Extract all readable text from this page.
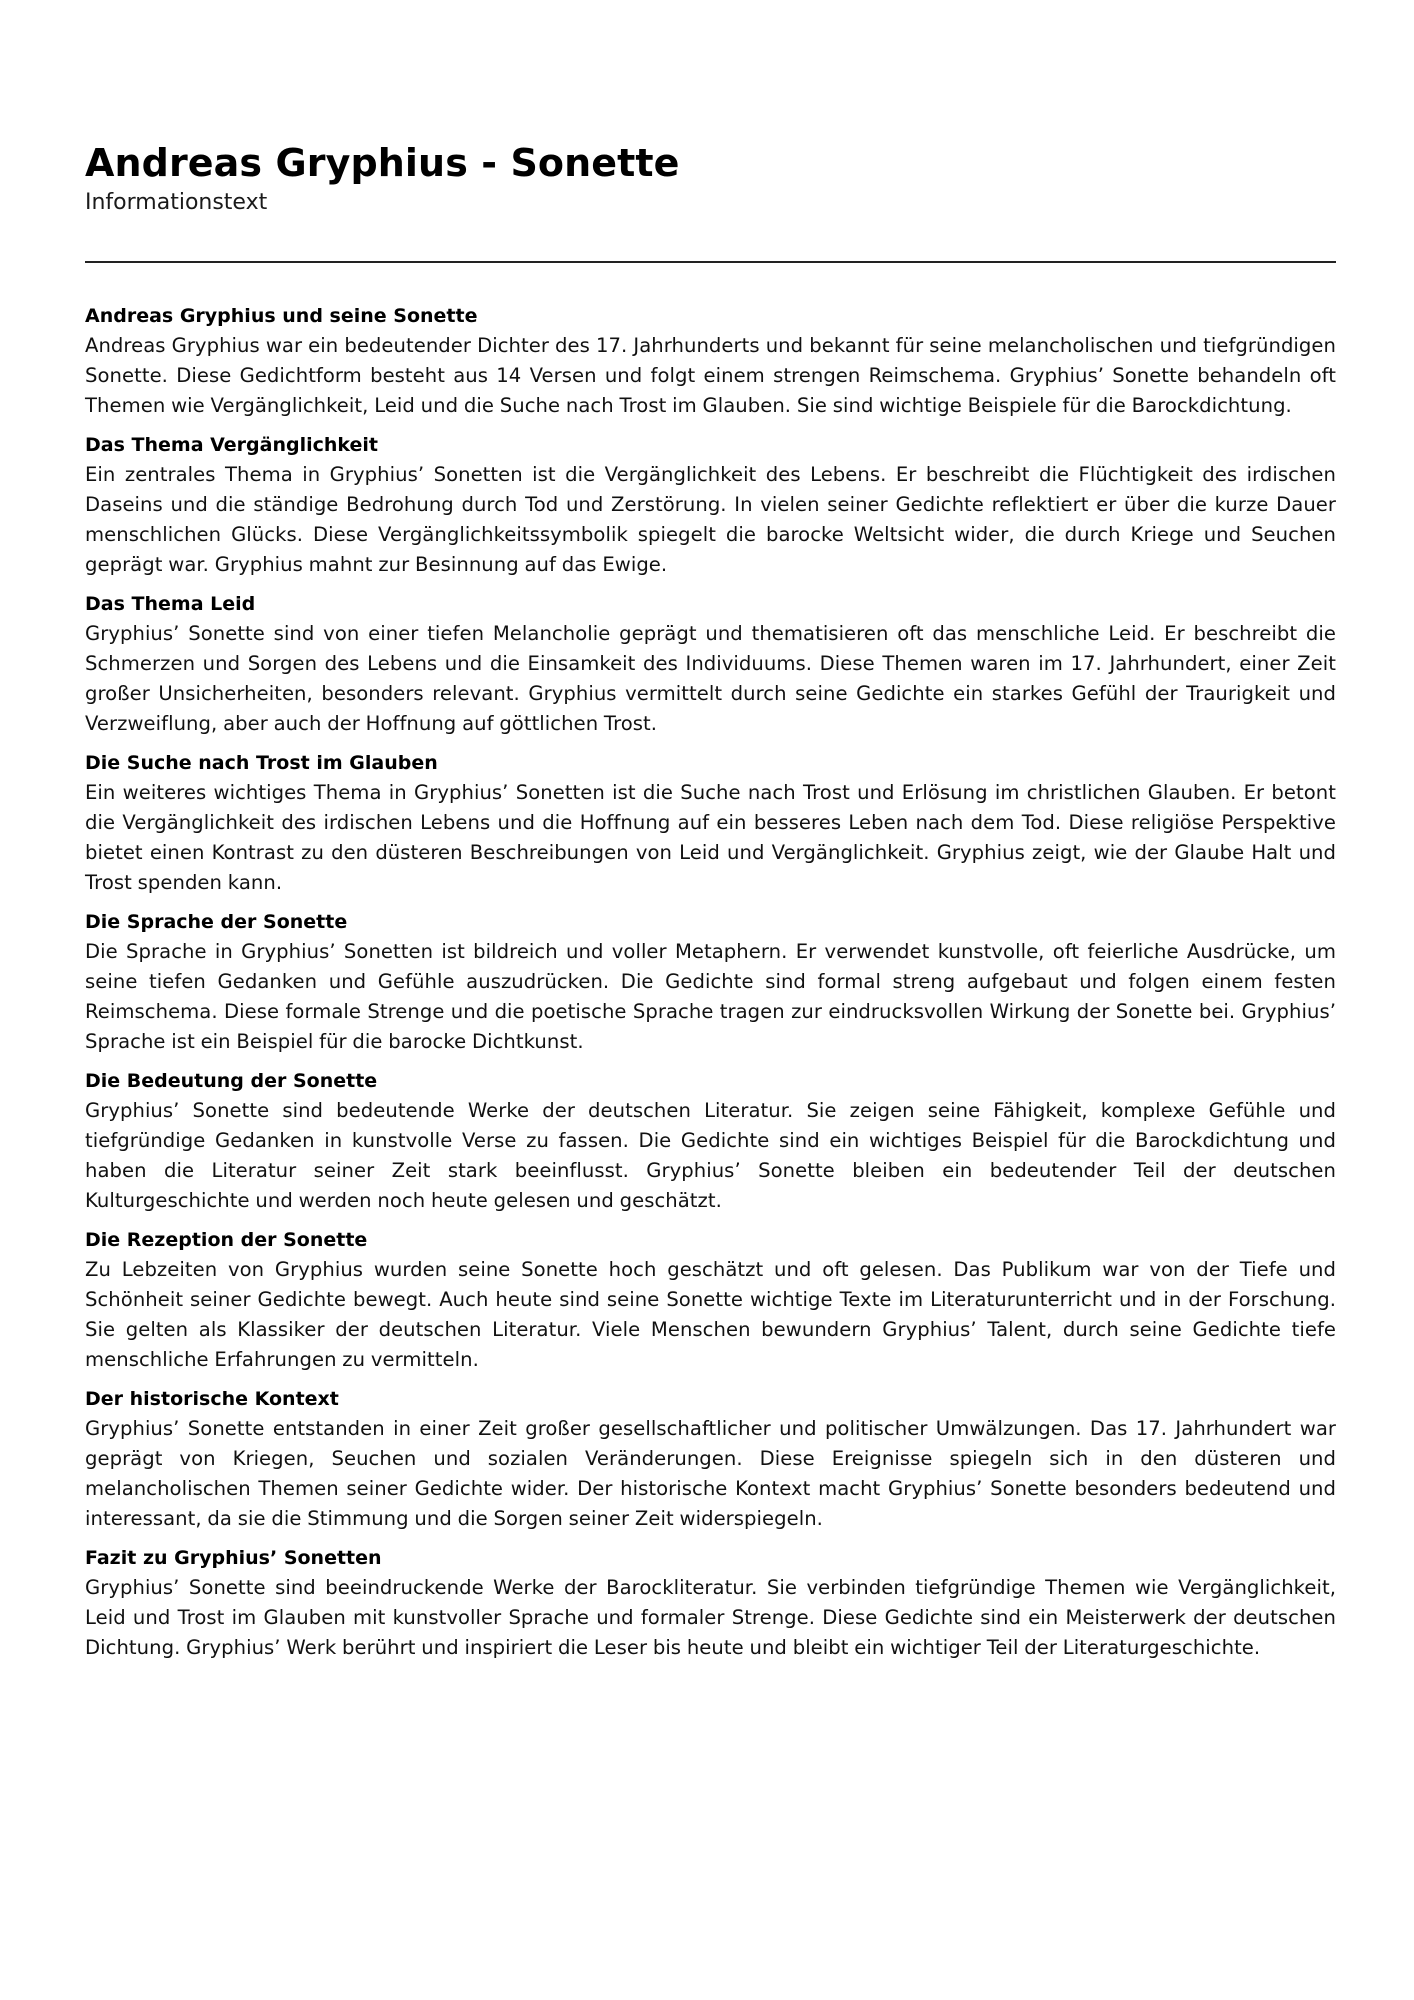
Andreas Gryphius - Sonette

Informationstext

Andreas Gryphius und seine Sonette

Andreas Gryphius war ein bedeutender Dichter des 17. Jahrhunderts und bekannt für seine melancholischen und tiefgründigen Sonette. Diese Gedichtform besteht aus 14 Versen und folgt einem strengen Reimschema. Gryphius’ Sonette behandeln oft Themen wie Vergänglichkeit, Leid und die Suche nach Trost im Glauben. Sie sind wichtige Beispiele für die Barockdichtung.

Das Thema Vergänglichkeit

Ein zentrales Thema in Gryphius’ Sonetten ist die Vergänglichkeit des Lebens. Er beschreibt die Flüchtigkeit des irdischen Daseins und die ständige Bedrohung durch Tod und Zerstörung. In vielen seiner Gedichte reflektiert er über die kurze Dauer menschlichen Glücks. Diese Vergänglichkeitssymbolik spiegelt die barocke Weltsicht wider, die durch Kriege und Seuchen geprägt war. Gryphius mahnt zur Besinnung auf das Ewige.

Das Thema Leid

Gryphius’ Sonette sind von einer tiefen Melancholie geprägt und thematisieren oft das menschliche Leid. Er beschreibt die Schmerzen und Sorgen des Lebens und die Einsamkeit des Individuums. Diese Themen waren im 17. Jahrhundert, einer Zeit großer Unsicherheiten, besonders relevant. Gryphius vermittelt durch seine Gedichte ein starkes Gefühl der Traurigkeit und Verzweiflung, aber auch der Hoffnung auf göttlichen Trost.

Die Suche nach Trost im Glauben

Ein weiteres wichtiges Thema in Gryphius’ Sonetten ist die Suche nach Trost und Erlösung im christlichen Glauben. Er betont die Vergänglichkeit des irdischen Lebens und die Hoffnung auf ein besseres Leben nach dem Tod. Diese religiöse Perspektive bietet einen Kontrast zu den düsteren Beschreibungen von Leid und Vergänglichkeit. Gryphius zeigt, wie der Glaube Halt und Trost spenden kann.

Die Sprache der Sonette

Die Sprache in Gryphius’ Sonetten ist bildreich und voller Metaphern. Er verwendet kunstvolle, oft feierliche Ausdrücke, um seine tiefen Gedanken und Gefühle auszudrücken. Die Gedichte sind formal streng aufgebaut und folgen einem festen Reimschema. Diese formale Strenge und die poetische Sprache tragen zur eindrucksvollen Wirkung der Sonette bei. Gryphius’ Sprache ist ein Beispiel für die barocke Dichtkunst.

Die Bedeutung der Sonette

Gryphius’ Sonette sind bedeutende Werke der deutschen Literatur. Sie zeigen seine Fähigkeit, komplexe Gefühle und tiefgründige Gedanken in kunstvolle Verse zu fassen. Die Gedichte sind ein wichtiges Beispiel für die Barockdichtung und haben die Literatur seiner Zeit stark beeinflusst. Gryphius’ Sonette bleiben ein bedeutender Teil der deutschen Kulturgeschichte und werden noch heute gelesen und geschätzt.

Die Rezeption der Sonette

Zu Lebzeiten von Gryphius wurden seine Sonette hoch geschätzt und oft gelesen. Das Publikum war von der Tiefe und Schönheit seiner Gedichte bewegt. Auch heute sind seine Sonette wichtige Texte im Literaturunterricht und in der Forschung. Sie gelten als Klassiker der deutschen Literatur. Viele Menschen bewundern Gryphius’ Talent, durch seine Gedichte tiefe menschliche Erfahrungen zu vermitteln.

Der historische Kontext

Gryphius’ Sonette entstanden in einer Zeit großer gesellschaftlicher und politischer Umwälzungen. Das 17. Jahrhundert war geprägt von Kriegen, Seuchen und sozialen Veränderungen. Diese Ereignisse spiegeln sich in den düsteren und melancholischen Themen seiner Gedichte wider. Der historische Kontext macht Gryphius’ Sonette besonders bedeutend und interessant, da sie die Stimmung und die Sorgen seiner Zeit widerspiegeln.

Fazit zu Gryphius’ Sonetten

Gryphius’ Sonette sind beeindruckende Werke der Barockliteratur. Sie verbinden tiefgründige Themen wie Vergänglichkeit, Leid und Trost im Glauben mit kunstvoller Sprache und formaler Strenge. Diese Gedichte sind ein Meisterwerk der deutschen Dichtung. Gryphius’ Werk berührt und inspiriert die Leser bis heute und bleibt ein wichtiger Teil der Literaturgeschichte.
